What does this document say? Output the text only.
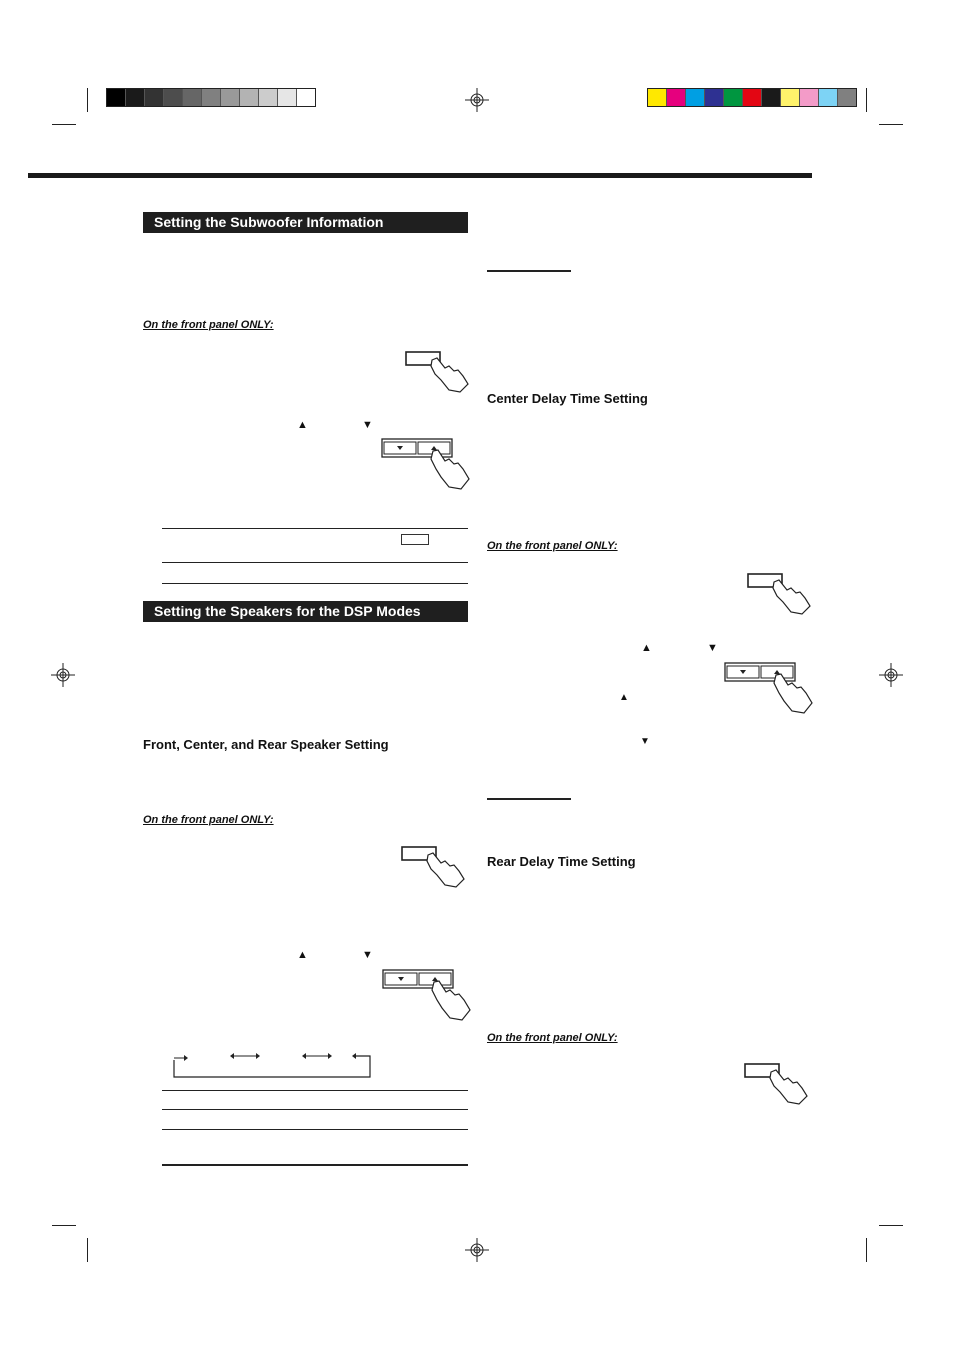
Setting the Subwoofer Information
On the front panel ONLY:
▲	▼
Setting the Speakers for the DSP Modes
Front, Center, and Rear Speaker Setting
On the front panel ONLY:
▲	▼
Center Delay Time Setting
On the front panel ONLY:
▲	▼
▲
▼
Rear Delay Time Setting
On the front panel ONLY:
